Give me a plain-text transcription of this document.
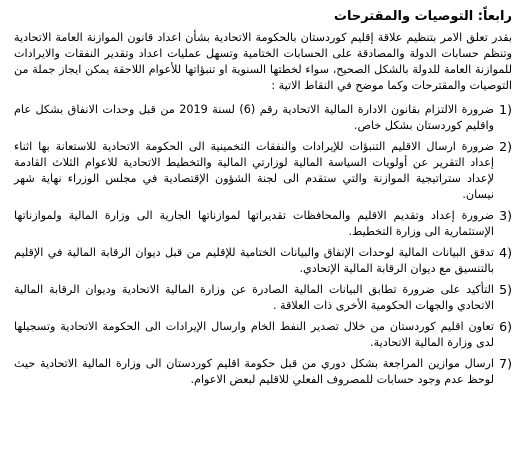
رابعاً: التوصيات والمقترحات

بقدر تعلق الامر بتنظيم علاقة إقليم كوردستان بالحكومة الاتحادية بشأن اعداد قانون الموازنة العامة الاتحادية وتنظم حسابات الدولة والمصادقة على الحسابات الختامية وتسهل عمليات اعداد وتقدير النفقات والايرادات للموازنة العامة للدولة بالشكل الصحيح، سواء لخطتها السنوية او تنبؤاتها للأعوام اللاحقة يمكن ايجاز جملة من التوصيات والمقترحات وكما موضح في النقاط الاتية :

1)
ضرورة الالتزام بقانون الادارة المالية الاتحادية رقم (6) لسنة 2019 من قبل وحدات الانفاق بشكل عام واقليم كوردستان بشكل خاص.
2)
ضرورة ارسال الاقليم التنبؤات للإيرادات والنفقات التخمينية الى الحكومة الاتحادية للاستعانة بها اثناء إعداد التقرير عن أولويات السياسة المالية لوزارتي المالية والتخطيط الاتحادية للاعوام الثلاث القادمة لإعداد ستراتيجية الموازنة والتي ستقدم الى لجنة الشؤون الإقتصادية في مجلس الوزراء نهاية شهر نيسان.
3)
ضرورة إعداد وتقديم الاقليم والمحافظات تقديراتها لموازناتها الجارية الى وزارة المالية ولموازناتها الإستثمارية الى وزارة التخطيط.
4)
تدقق البيانات المالية لوحدات الإنفاق والبيانات الختامية للإقليم من قبل ديوان الرقابة المالية في الإقليم بالتنسيق مع ديوان الرقابة المالية الإتحادي.
5)
التأكيد على ضرورة تطابق البيانات المالية الصادرة عن وزارة المالية الاتحادية وديوان الرقابة المالية الاتحادي والجهات الحكومية الأخرى ذات العلاقة .
6)
تعاون اقليم كوردستان من خلال تصدير النفط الخام وارسال الإيرادات الى الحكومة الاتحادية وتسجيلها لدى وزارة المالية الاتحادية.
7)
ارسال موازين المراجعة بشكل دوري من قبل حكومة اقليم كوردستان الى وزارة المالية الاتحادية حيث لوحظ عدم وجود حسابات للمصروف الفعلي للاقليم لبعض الاعوام.
